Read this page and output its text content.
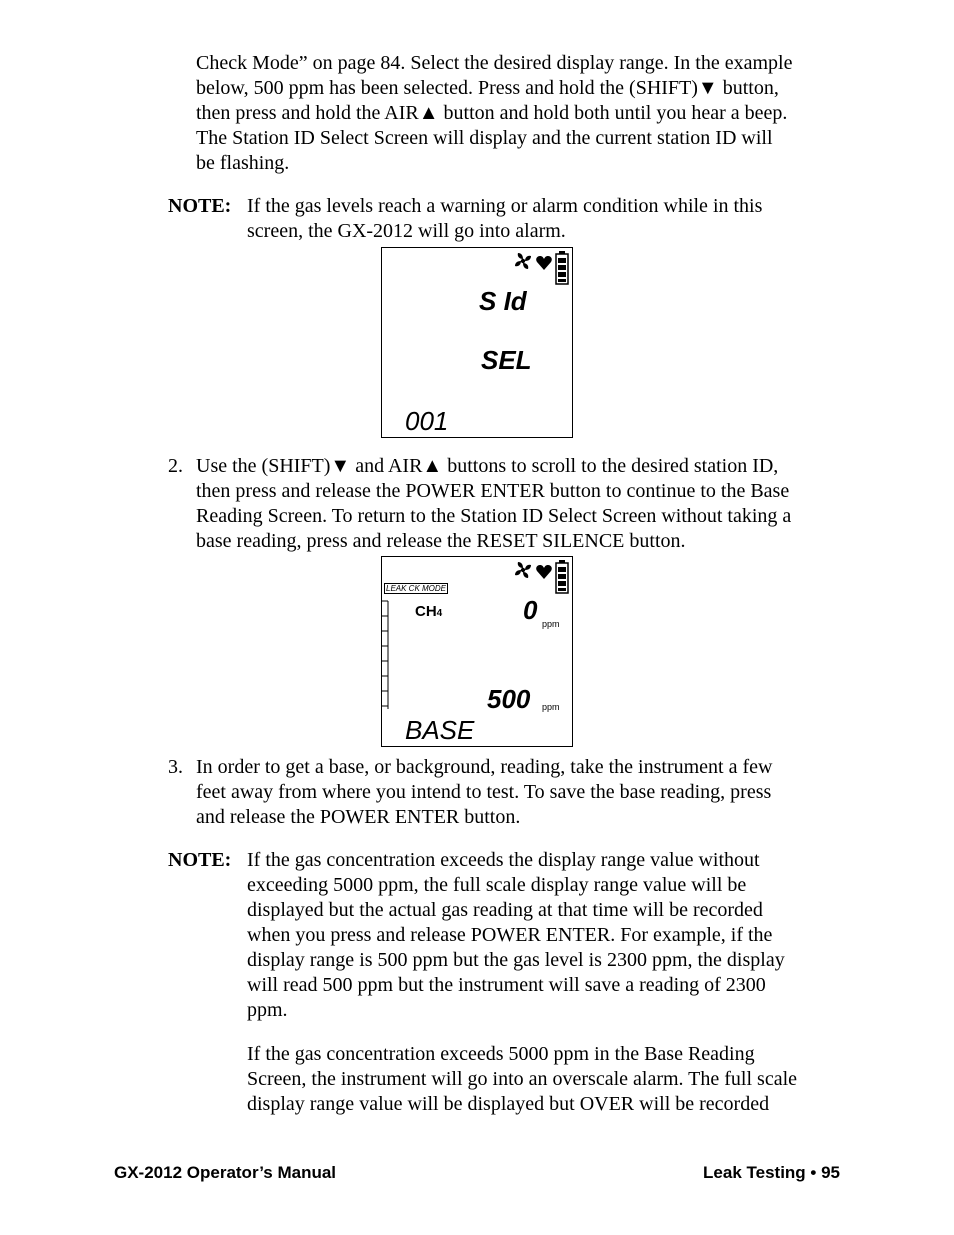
Check Mode” on page 84. Select the desired display range. In the example
below, 500 ppm has been selected. Press and hold the (SHIFT)▼ button,
then press and hold the AIR▲ button and hold both until you hear a beep.
The Station ID Select Screen will display and the current station ID will
be flashing.
NOTE: If the gas levels reach a warning or alarm condition while in this
screen, the GX-2012 will go into alarm.
S Id
SEL
001
2. Use the (SHIFT)▼ and AIR▲ buttons to scroll to the desired station ID,
then press and release the POWER ENTER button to continue to the Base
Reading Screen. To return to the Station ID Select Screen without taking a
base reading, press and release the RESET SILENCE button.
LEAK CK MODE
CH4	0 ppm
500 ppm
BASE
3. In order to get a base, or background, reading, take the instrument a few
feet away from where you intend to test. To save the base reading, press
and release the POWER ENTER button.
NOTE: If the gas concentration exceeds the display range value without
exceeding 5000 ppm, the full scale display range value will be
displayed but the actual gas reading at that time will be recorded
when you press and release POWER ENTER. For example, if the
display range is 500 ppm but the gas level is 2300 ppm, the display
will read 500 ppm but the instrument will save a reading of 2300
ppm.
If the gas concentration exceeds 5000 ppm in the Base Reading
Screen, the instrument will go into an overscale alarm. The full scale
display range value will be displayed but OVER will be recorded
GX-2012 Operator’s Manual	Leak Testing • 95
